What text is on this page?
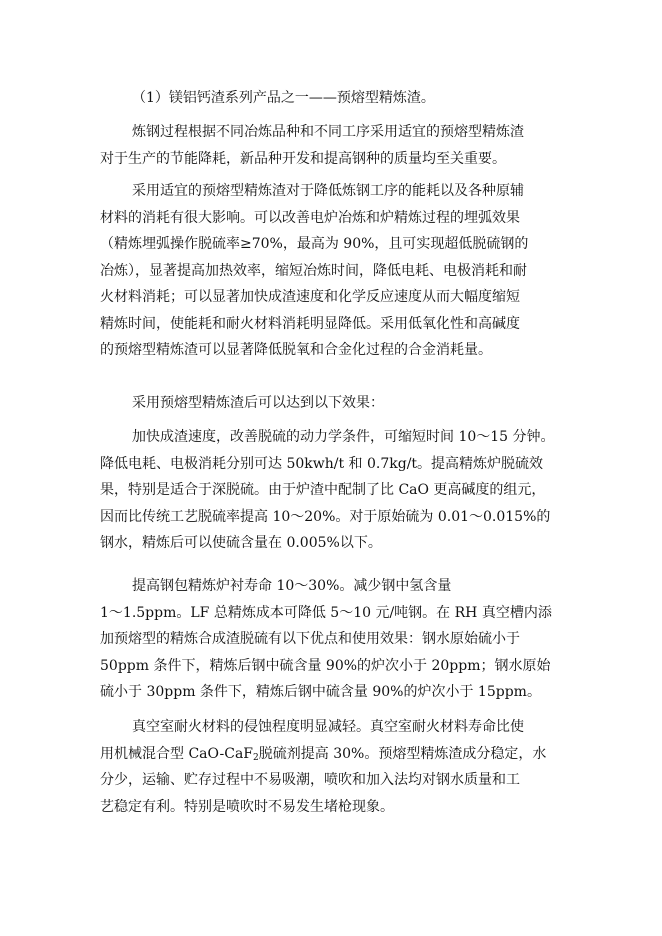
（1）镁铝钙渣系列产品之一——预熔型精炼渣。
炼钢过程根据不同冶炼品种和不同工序采用适宜的预熔型精炼渣
对于生产的节能降耗，新品种开发和提高钢种的质量均至关重要。
采用适宜的预熔型精炼渣对于降低炼钢工序的能耗以及各种原辅
材料的消耗有很大影响。可以改善电炉冶炼和炉精炼过程的埋弧效果
（精炼埋弧操作脱硫率≥70%，最高为 90%，且可实现超低脱硫钢的
冶炼），显著提高加热效率，缩短冶炼时间，降低电耗、电极消耗和耐
火材料消耗；可以显著加快成渣速度和化学反应速度从而大幅度缩短
精炼时间，使能耗和耐火材料消耗明显降低。采用低氧化性和高碱度
的预熔型精炼渣可以显著降低脱氧和合金化过程的合金消耗量。
采用预熔型精炼渣后可以达到以下效果：
加快成渣速度，改善脱硫的动力学条件，可缩短时间 10～15 分钟。
降低电耗、电极消耗分别可达 50kwh/t 和 0.7kg/t。提高精炼炉脱硫效
果，特别是适合于深脱硫。由于炉渣中配制了比 CaO 更高碱度的组元，
因而比传统工艺脱硫率提高 10～20%。对于原始硫为 0.01～0.015%的
钢水，精炼后可以使硫含量在 0.005%以下。
提高钢包精炼炉衬寿命 10～30%。减少钢中氢含量
1～1.5ppm。LF 总精炼成本可降低 5～10 元/吨钢。在 RH 真空槽内添
加预熔型的精炼合成渣脱硫有以下优点和使用效果：钢水原始硫小于
50ppm 条件下，精炼后钢中硫含量 90%的炉次小于 20ppm；钢水原始
硫小于 30ppm 条件下，精炼后钢中硫含量 90%的炉次小于 15ppm。
真空室耐火材料的侵蚀程度明显减轻。真空室耐火材料寿命比使
用机械混合型 CaO-CaF$_2$脱硫剂提高 30%。预熔型精炼渣成分稳定，水
分少，运输、贮存过程中不易吸潮，喷吹和加入法均对钢水质量和工
艺稳定有利。特别是喷吹时不易发生堵枪现象。
